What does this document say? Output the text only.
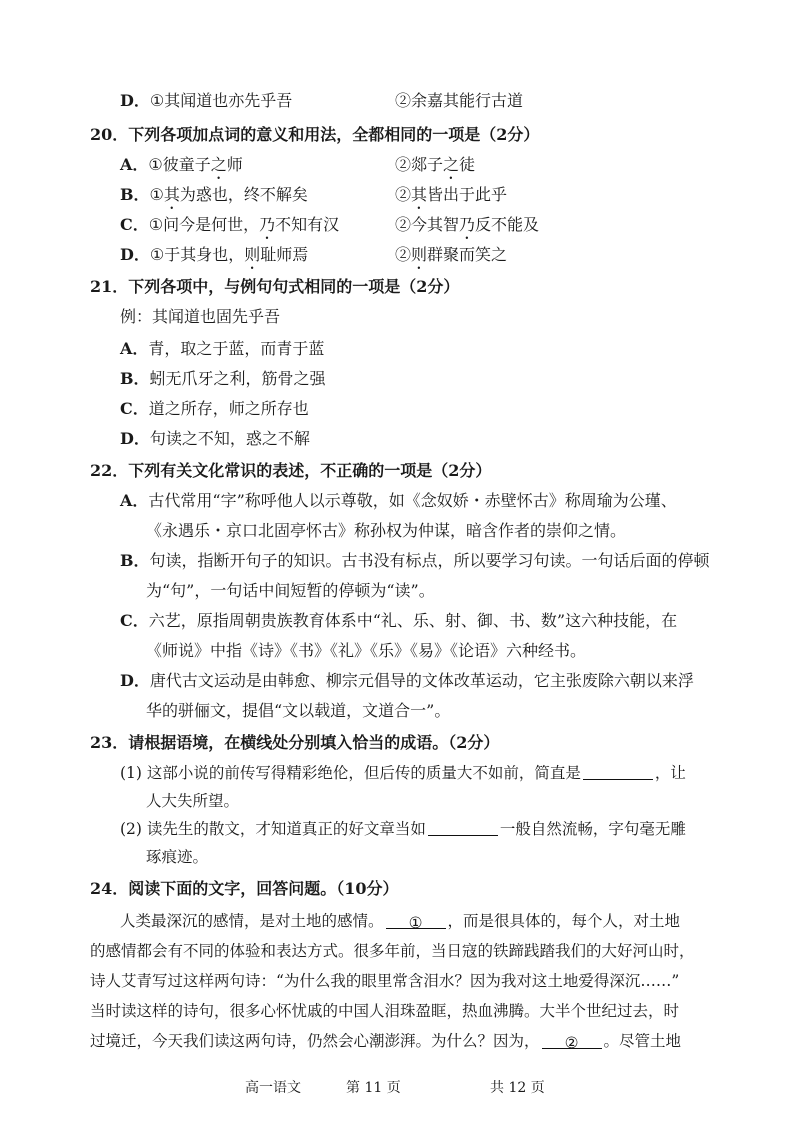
D．①其闻道也亦先乎吾	②余嘉其能行古道
20．下列各项加点词的意义和用法，全都相同的一项是（2分）
A．①彼童子之师	②郯子之徒
B．①其为惑也，终不解矣	②其皆出于此乎
C．①问今是何世，乃不知有汉	②今其智乃反不能及
D．①于其身也，则耻师焉	②则群聚而笑之
21．下列各项中，与例句句式相同的一项是（2分）
例：其闻道也固先乎吾
A．青，取之于蓝，而青于蓝
B．蚓无爪牙之利，筋骨之强
C．道之所存，师之所存也
D．句读之不知，惑之不解
22．下列有关文化常识的表述，不正确的一项是（2分）
A．古代常用“字”称呼他人以示尊敬，如《念奴娇・赤壁怀古》称周瑜为公瑾、
《永遇乐・京口北固亭怀古》称孙权为仲谋，暗含作者的崇仰之情。
B．句读，指断开句子的知识。古书没有标点，所以要学习句读。一句话后面的停顿
为“句”，一句话中间短暂的停顿为“读”。
C．六艺，原指周朝贵族教育体系中“礼、乐、射、御、书、数”这六种技能，在
《师说》中指《诗》《书》《礼》《乐》《易》《论语》六种经书。
D．唐代古文运动是由韩愈、柳宗元倡导的文体改革运动，它主张废除六朝以来浮
华的骈俪文，提倡“文以载道，文道合一”。
23．请根据语境，在横线处分别填入恰当的成语。（2分）
(1) 这部小说的前传写得精彩绝伦，但后传的质量大不如前，简直是	，让
人大失所望。
(2) 读先生的散文，才知道真正的好文章当如	一般自然流畅，字句毫无雕
琢痕迹。
24．阅读下面的文字，回答问题。（10分）
人类最深沉的感情，是对土地的感情。 ① ，而是很具体的，每个人，对土地
的感情都会有不同的体验和表达方式。很多年前，当日寇的铁蹄践踏我们的大好河山时，
诗人艾青写过这样两句诗：“为什么我的眼里常含泪水？因为我对这土地爱得深沉……”
当时读这样的诗句，很多心怀忧戚的中国人泪珠盈眶，热血沸腾。大半个世纪过去，时
过境迁，今天我们读这两句诗，仍然会心潮澎湃。为什么？因为， ② 。尽管土地
高一语文	第 11 页	共 12 页
